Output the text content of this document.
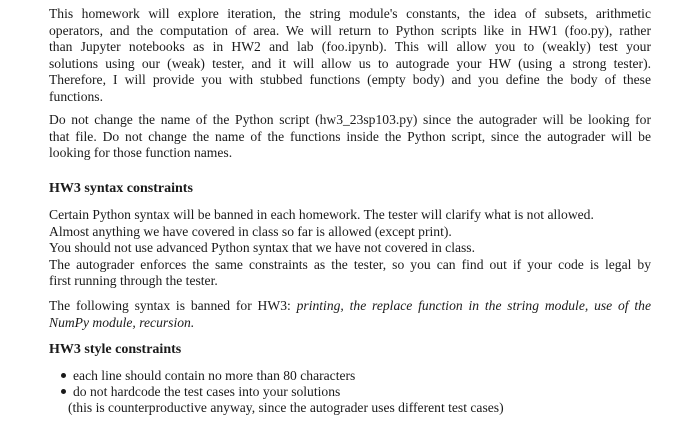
This homework will explore iteration, the string module's constants, the idea of subsets, arithmetic
operators, and the computation of area. We will return to Python scripts like in HW1 (foo.py), rather
than Jupyter notebooks as in HW2 and lab (foo.ipynb). This will allow you to (weakly) test your
solutions using our (weak) tester, and it will allow us to autograde your HW (using a strong tester).
Therefore, I will provide you with stubbed functions (empty body) and you define the body of these
functions.
Do not change the name of the Python script (hw3_23sp103.py) since the autograder will be looking for
that file. Do not change the name of the functions inside the Python script, since the autograder will be
looking for those function names.
HW3 syntax constraints
Certain Python syntax will be banned in each homework. The tester will clarify what is not allowed.
Almost anything we have covered in class so far is allowed (except print).
You should not use advanced Python syntax that we have not covered in class.
The autograder enforces the same constraints as the tester, so you can find out if your code is legal by
first running through the tester.
The following syntax is banned for HW3: printing, the replace function in the string module, use of the
NumPy module, recursion.
HW3 style constraints
each line should contain no more than 80 characters
do not hardcode the test cases into your solutions
(this is counterproductive anyway, since the autograder uses different test cases)
